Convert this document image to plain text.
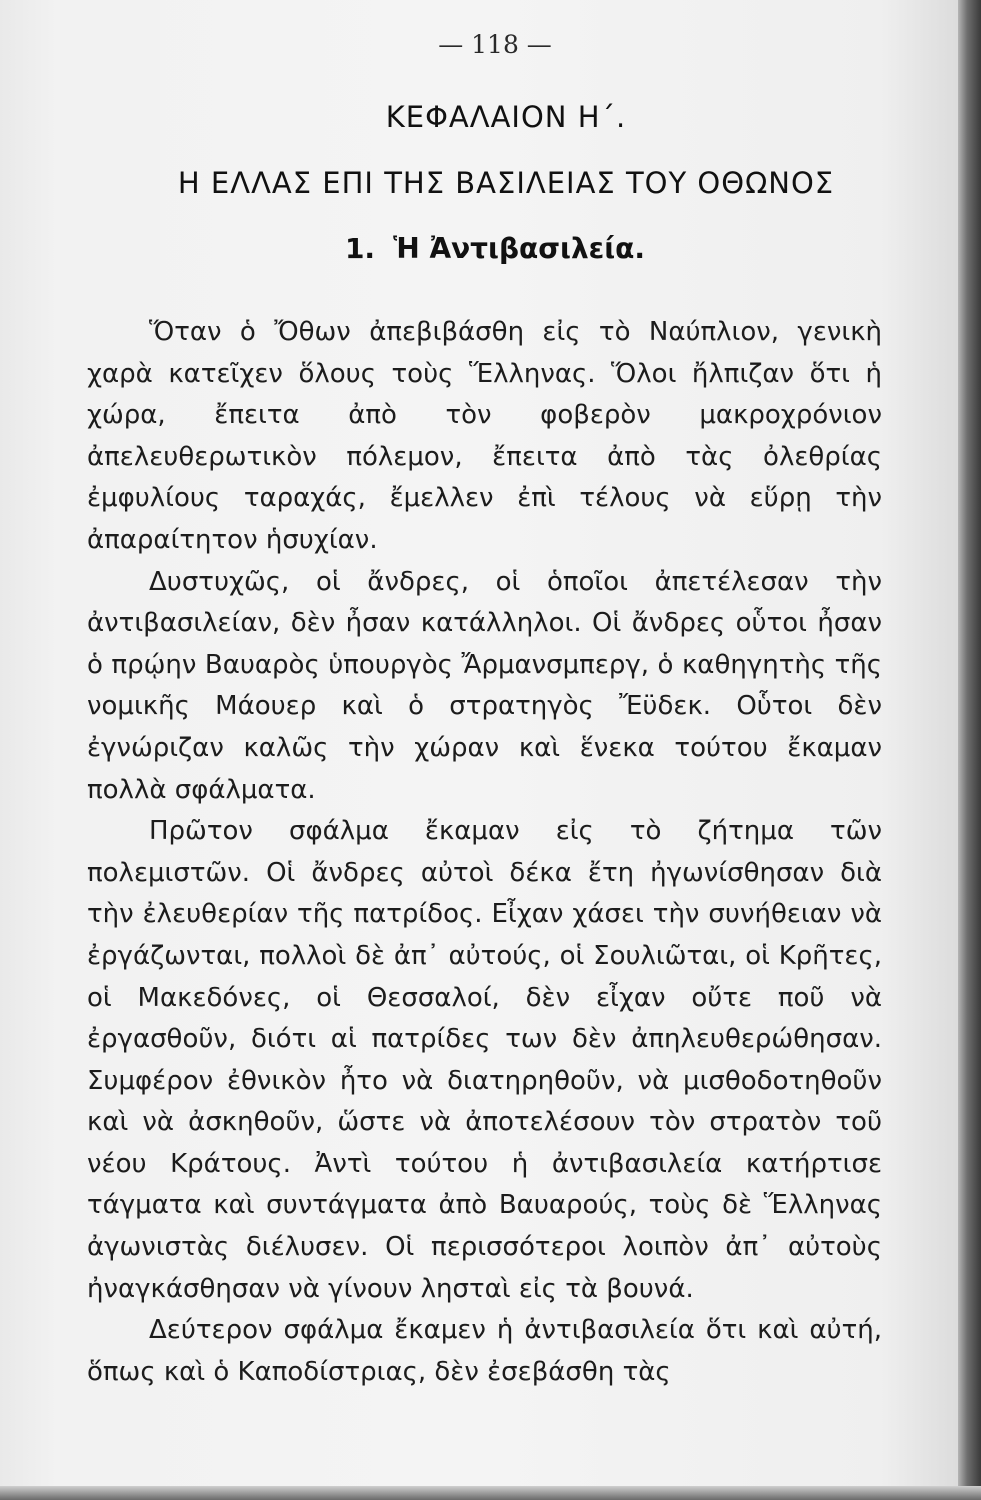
— 118 —
ΚΕΦΑΛΑΙΟΝ Η΄.
Η ΕΛΛΑΣ ΕΠΙ ΤΗΣ ΒΑΣΙΛΕΙΑΣ ΤΟΥ ΟΘΩΝΟΣ
1. Ἡ Ἀντιβασιλεία.

Ὅταν ὁ Ὄθων ἀπεβιβάσθη εἰς τὸ Ναύπλιον, γενικὴ χαρὰ κατεῖχεν ὅλους τοὺς Ἕλληνας. Ὅλοι ἤλπιζαν ὅτι ἡ χώρα, ἔπειτα ἀπὸ τὸν φοβερὸν μακροχρόνιον ἀπελευθερωτικὸν πόλεμον, ἔπειτα ἀπὸ τὰς ὀλεθρίας ἐμφυλίους ταραχάς, ἔμελλεν ἐπὶ τέλους νὰ εὕρῃ τὴν ἀπαραίτητον ἡσυχίαν.

Δυστυχῶς, οἱ ἄνδρες, οἱ ὁποῖοι ἀπετέλεσαν τὴν ἀντιβασιλείαν, δὲν ἦσαν κατάλληλοι. Οἱ ἄνδρες οὗτοι ἦσαν ὁ πρῴην Βαυαρὸς ὑπουργὸς Ἄρμανσμπεργ, ὁ καθηγητὴς τῆς νομικῆς Μάουερ καὶ ὁ στρατηγὸς Ἔϋδεκ. Οὗτοι δὲν ἐγνώριζαν καλῶς τὴν χώραν καὶ ἕνεκα τούτου ἔκαμαν πολλὰ σφάλματα.

Πρῶτον σφάλμα ἔκαμαν εἰς τὸ ζήτημα τῶν πολεμιστῶν. Οἱ ἄνδρες αὐτοὶ δέκα ἔτη ἠγωνίσθησαν διὰ τὴν ἐλευθερίαν τῆς πατρίδος. Εἶχαν χάσει τὴν συνήθειαν νὰ ἐργάζωνται, πολλοὶ δὲ ἀπ᾽ αὐτούς, οἱ Σουλιῶται, οἱ Κρῆτες, οἱ Μακεδόνες, οἱ Θεσσαλοί, δὲν εἶχαν οὔτε ποῦ νὰ ἐργασθοῦν, διότι αἱ πατρίδες των δὲν ἀπηλευθερώθησαν. Συμφέρον ἐθνικὸν ἦτο νὰ διατηρηθοῦν, νὰ μισθοδοτηθοῦν καὶ νὰ ἀσκηθοῦν, ὥστε νὰ ἀποτελέσουν τὸν στρατὸν τοῦ νέου Κράτους. Ἀντὶ τούτου ἡ ἀντιβασιλεία κατήρτισε τάγματα καὶ συντάγματα ἀπὸ Βαυαρούς, τοὺς δὲ Ἕλληνας ἀγωνιστὰς διέλυσεν. Οἱ περισσότεροι λοιπὸν ἀπ᾽ αὐτοὺς ἠναγκάσθησαν νὰ γίνουν λησταὶ εἰς τὰ βουνά.

Δεύτερον σφάλμα ἔκαμεν ἡ ἀντιβασιλεία ὅτι καὶ αὐτή, ὅπως καὶ ὁ Καποδίστριας, δὲν ἐσεβάσθη τὰς
